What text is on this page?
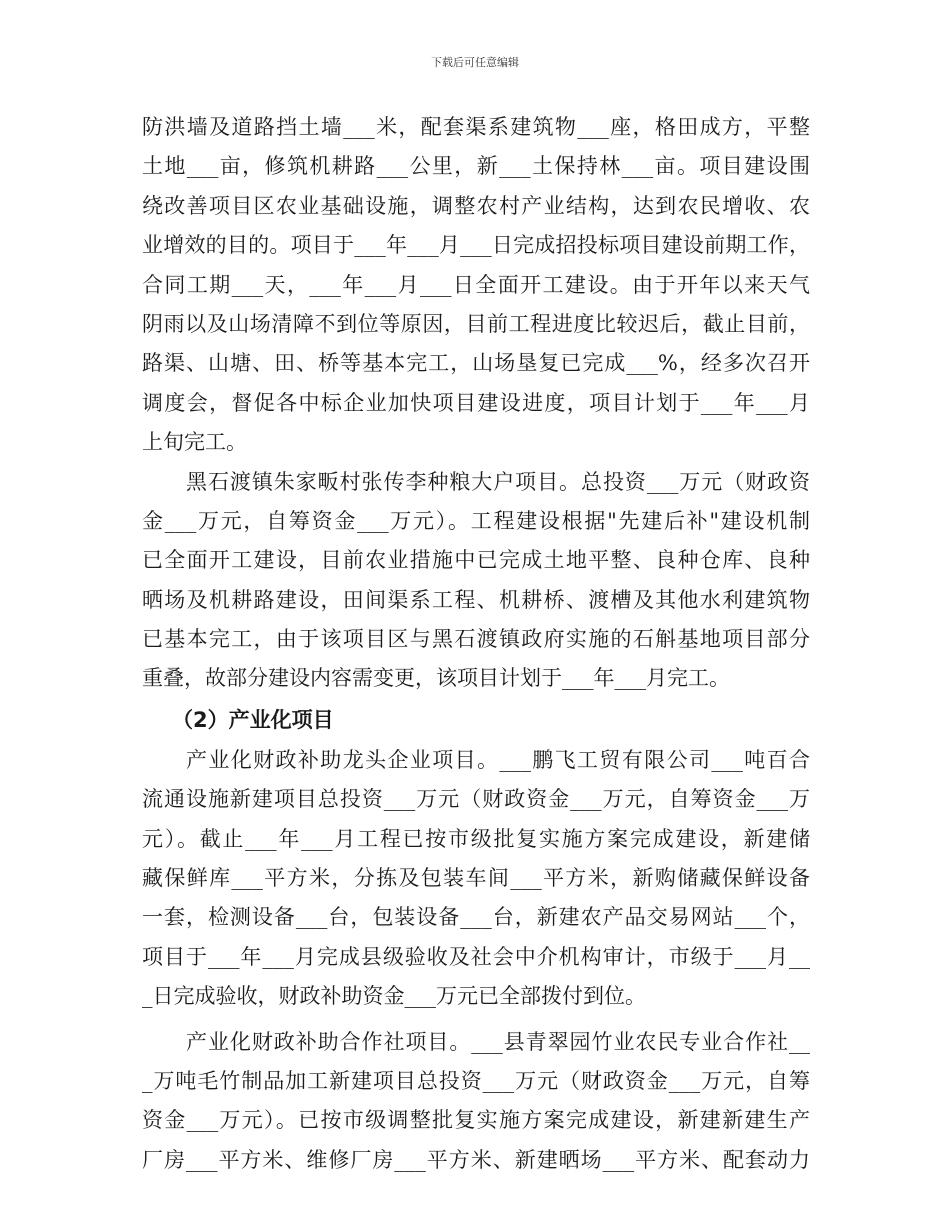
下载后可任意编辑
防洪墙及道路挡土墙___米，配套渠系建筑物___座，格田成方，平整
土地___亩，修筑机耕路___公里，新___土保持林___亩。项目建设围
绕改善项目区农业基础设施，调整农村产业结构，达到农民增收、农
业增效的目的。项目于___年___月___日完成招投标项目建设前期工作，
合同工期___天，___年___月___日全面开工建设。由于开年以来天气
阴雨以及山场清障不到位等原因，目前工程进度比较迟后，截止目前，
路渠、山塘、田、桥等基本完工，山场垦复已完成___%，经多次召开
调度会，督促各中标企业加快项目建设进度，项目计划于___年___月
上旬完工。
黑石渡镇朱家畈村张传李种粮大户项目。总投资___万元（财政资
金___万元，自筹资金___万元）。工程建设根据"先建后补"建设机制
已全面开工建设，目前农业措施中已完成土地平整、良种仓库、良种
晒场及机耕路建设，田间渠系工程、机耕桥、渡槽及其他水利建筑物
已基本完工，由于该项目区与黑石渡镇政府实施的石斛基地项目部分
重叠，故部分建设内容需变更，该项目计划于___年___月完工。
（2）产业化项目
产业化财政补助龙头企业项目。___鹏飞工贸有限公司___吨百合
流通设施新建项目总投资___万元（财政资金___万元，自筹资金___万
元）。截止___年___月工程已按市级批复实施方案完成建设，新建储
藏保鲜库___平方米，分拣及包装车间___平方米，新购储藏保鲜设备
一套，检测设备___台，包装设备___台，新建农产品交易网站___个，
项目于___年___月完成县级验收及社会中介机构审计，市级于___月__
_日完成验收，财政补助资金___万元已全部拨付到位。
产业化财政补助合作社项目。___县青翠园竹业农民专业合作社__
_万吨毛竹制品加工新建项目总投资___万元（财政资金___万元，自筹
资金___万元）。已按市级调整批复实施方案完成建设，新建新建生产
厂房___平方米、维修厂房___平方米、新建晒场___平方米、配套动力
